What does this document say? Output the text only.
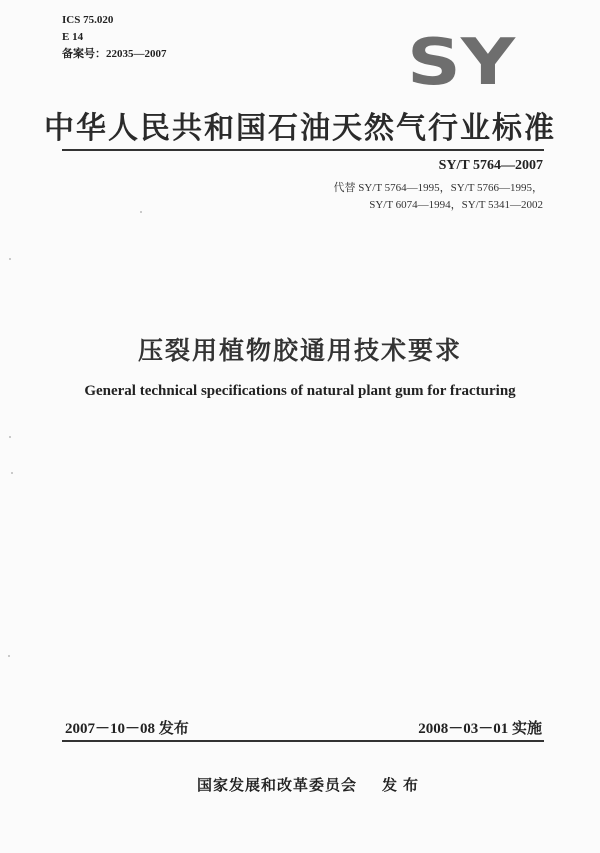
ICS 75.020
E 14
备案号：22035—2007	SY
中华人民共和国石油天然气行业标准
SY/T 5764—2007
代替 SY/T 5764—1995，SY/T 5766—1995，
SY/T 6074—1994，SY/T 5341—2002
压裂用植物胶通用技术要求
General technical specifications of natural plant gum for fracturing
2007－10－08 发布	2008－03－01 实施
国家发展和改革委员会 发布
